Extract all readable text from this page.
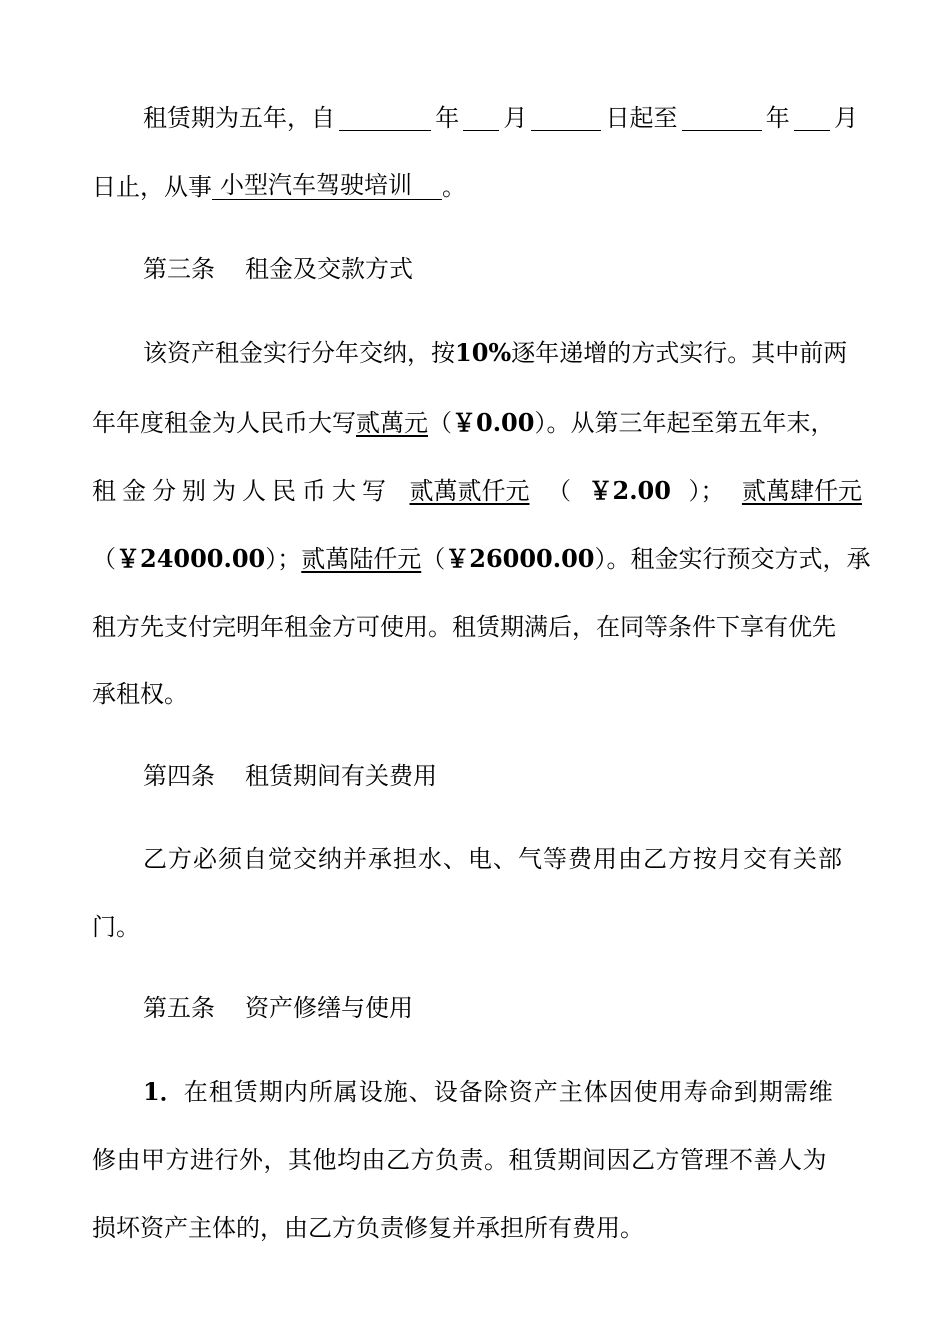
租赁期为五年，自	年 月	日起至	年 月
日止，从事 小型汽车驾驶培训 。
第三条 租金及交款方式
该资产租金实行分年交纳，按10%逐年递增的方式实行。其中前两
年年度租金为人民币大写贰萬元（￥0.00）。从第三年起至第五年末，
租金分别为人民币大写 贰萬贰仟元 （ ￥2.00 ）； 贰萬肆仟元
（￥24000.00）；贰萬陆仟元（￥26000.00）。租金实行预交方式，承
租方先支付完明年租金方可使用。租赁期满后，在同等条件下享有优先
承租权。
第四条 租赁期间有关费用
乙方必须自觉交纳并承担水、电、气等费用由乙方按月交有关部
门。
第五条 资产修缮与使用
1．在租赁期内所属设施、设备除资产主体因使用寿命到期需维
修由甲方进行外，其他均由乙方负责。租赁期间因乙方管理不善人为
损坏资产主体的，由乙方负责修复并承担所有费用。
